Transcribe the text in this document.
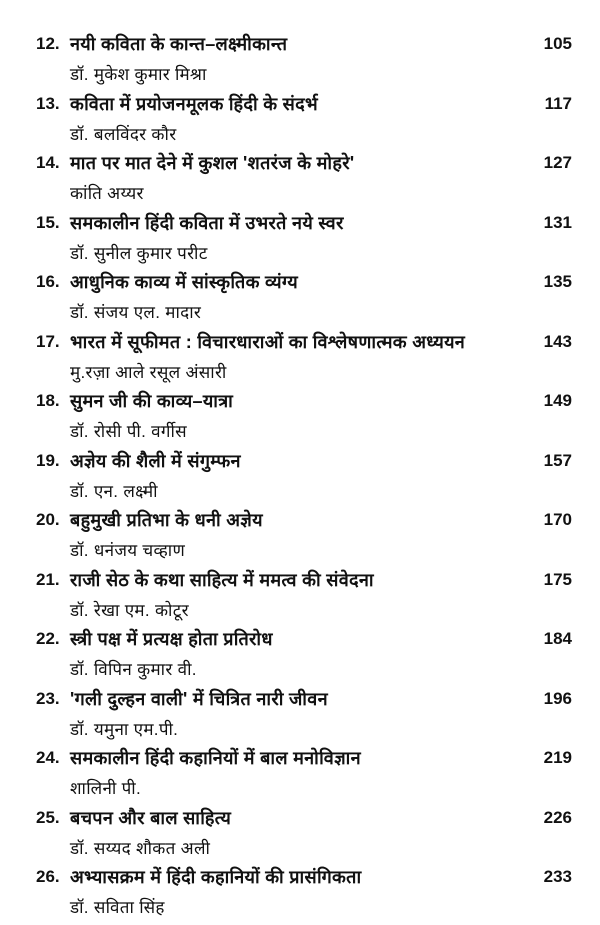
12. नयी कविता के कान्त–लक्ष्मीकान्त	105
डॉ. मुकेश कुमार मिश्रा
13. कविता में प्रयोजनमूलक हिंदी के संदर्भ	117
डॉ. बलविंदर कौर
14. मात पर मात देने में कुशल 'शतरंज के मोहरे'	127
कांति अय्यर
15. समकालीन हिंदी कविता में उभरते नये स्वर	131
डॉ. सुनील कुमार परीट
16. आधुनिक काव्य में सांस्कृतिक व्यंग्य	135
डॉ. संजय एल. मादार
17. भारत में सूफीमत : विचारधाराओं का विश्लेषणात्मक अध्ययन	143
मु.रज़ा आले रसूल अंसारी
18. सुमन जी की काव्य–यात्रा	149
डॉ. रोसी पी. वर्गीस
19. अज्ञेय की शैली में संगुम्फन	157
डॉ. एन. लक्ष्मी
20. बहुमुखी प्रतिभा के धनी अज्ञेय	170
डॉ. धनंजय चव्हाण
21. राजी सेठ के कथा साहित्य में ममत्व की संवेदना	175
डॉ. रेखा एम. कोटूर
22. स्त्री पक्ष में प्रत्यक्ष होता प्रतिरोध	184
डॉ. विपिन कुमार वी.
23. 'गली दुल्हन वाली' में चित्रित नारी जीवन	196
डॉ. यमुना एम.पी.
24. समकालीन हिंदी कहानियों में बाल मनोविज्ञान	219
शालिनी पी.
25. बचपन और बाल साहित्य	226
डॉ. सय्यद शौकत अली
26. अभ्यासक्रम में हिंदी कहानियों की प्रासंगिकता	233
डॉ. सविता सिंह
